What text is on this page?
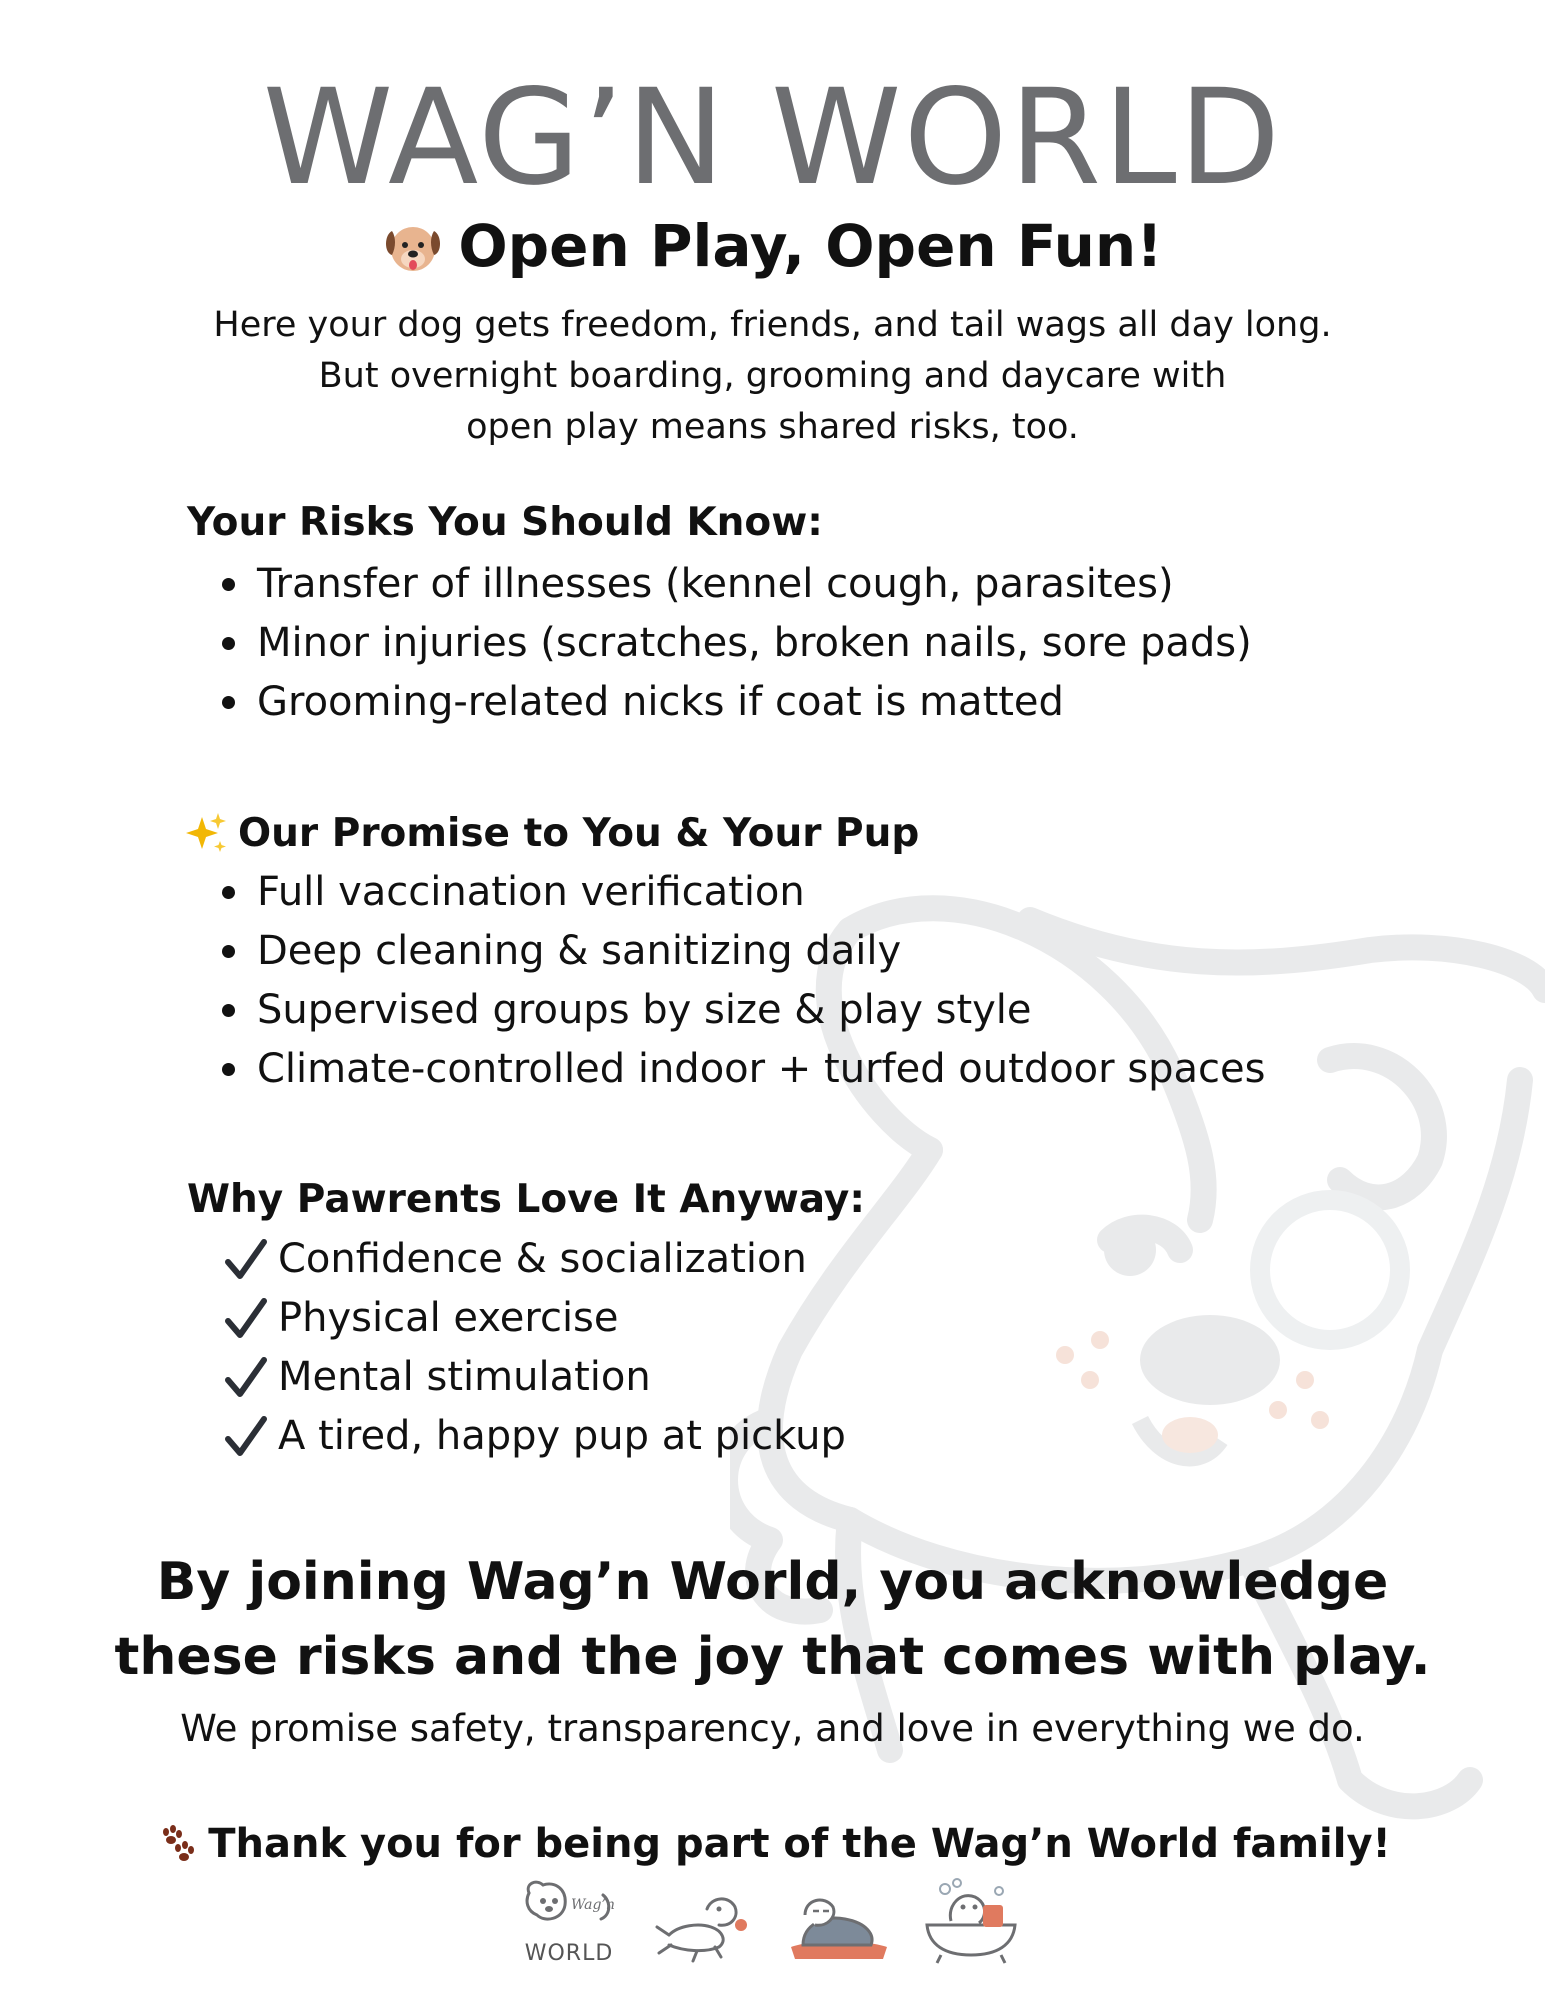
WAG’N WORLD
Open Play, Open Fun!
Here your dog gets freedom, friends, and tail wags all day long.
But overnight boarding, grooming and daycare with
open play means shared risks, too.
Your Risks You Should Know:
Transfer of illnesses (kennel cough, parasites)
Minor injuries (scratches, broken nails, sore pads)
Grooming-related nicks if coat is matted
Our Promise to You & Your Pup
Full vaccination verification
Deep cleaning & sanitizing daily
Supervised groups by size & play style
Climate-controlled indoor + turfed outdoor spaces
Why Pawrents Love It Anyway:
Confidence & socialization
Physical exercise
Mental stimulation
A tired, happy pup at pickup
By joining Wag’n World, you acknowledge
these risks and the joy that comes with play.
We promise safety, transparency, and love in everything we do.
Thank you for being part of the Wag’n World family!
Wag’n
WORLD
